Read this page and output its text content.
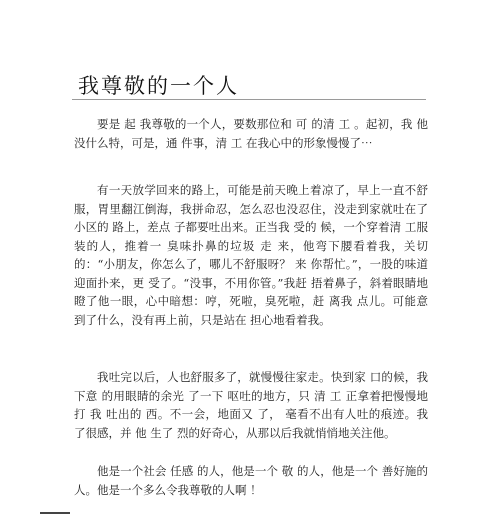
我尊敬的一个人

要是 起 我尊敬的一个人，要数那位和 可 的清 工 。起初，我 他没什么特，可是，通 件事，清 工 在我心中的形象慢慢了⋯

有一天放学回来的路上，可能是前天晚上着凉了，早上一直不舒服，胃里翻江倒海，我拼命忍，怎么忍也没忍住，没走到家就吐在了小区的 路上，差点 子都要吐出来。正当我 受的 候，一个穿着清 工服装的人，推着一 臭味扑鼻的垃圾 走 来，他弯下腰看着我，关切的：“小朋友，你怎么了，哪儿不舒服呀？ 来 你帮忙。”，一股的味道迎面扑来，更 受了。“没事，不用你管。”我赶 捂着鼻子，斜着眼睛地瞪了他一眼，心中暗想：哼，死啦，臭死啦，赶 离我 点儿。可能意 到了什么，没有再上前，只是站在 担心地看着我。

我吐完以后，人也舒服多了，就慢慢往家走。快到家 口的候，我下意 的用眼睛的余光 了一下 呕吐的地方，只 清 工 正拿着把慢慢地打 我 吐出的 西。不一会，地面又 了， 毫看不出有人吐的痕迹。我 了很感，并 他 生了 烈的好奇心，从那以后我就悄悄地关注他。

他是一个社会 任感 的人，他是一个 敬 的人，他是一个 善好施的人。他是一个多么令我尊敬的人啊 ！
